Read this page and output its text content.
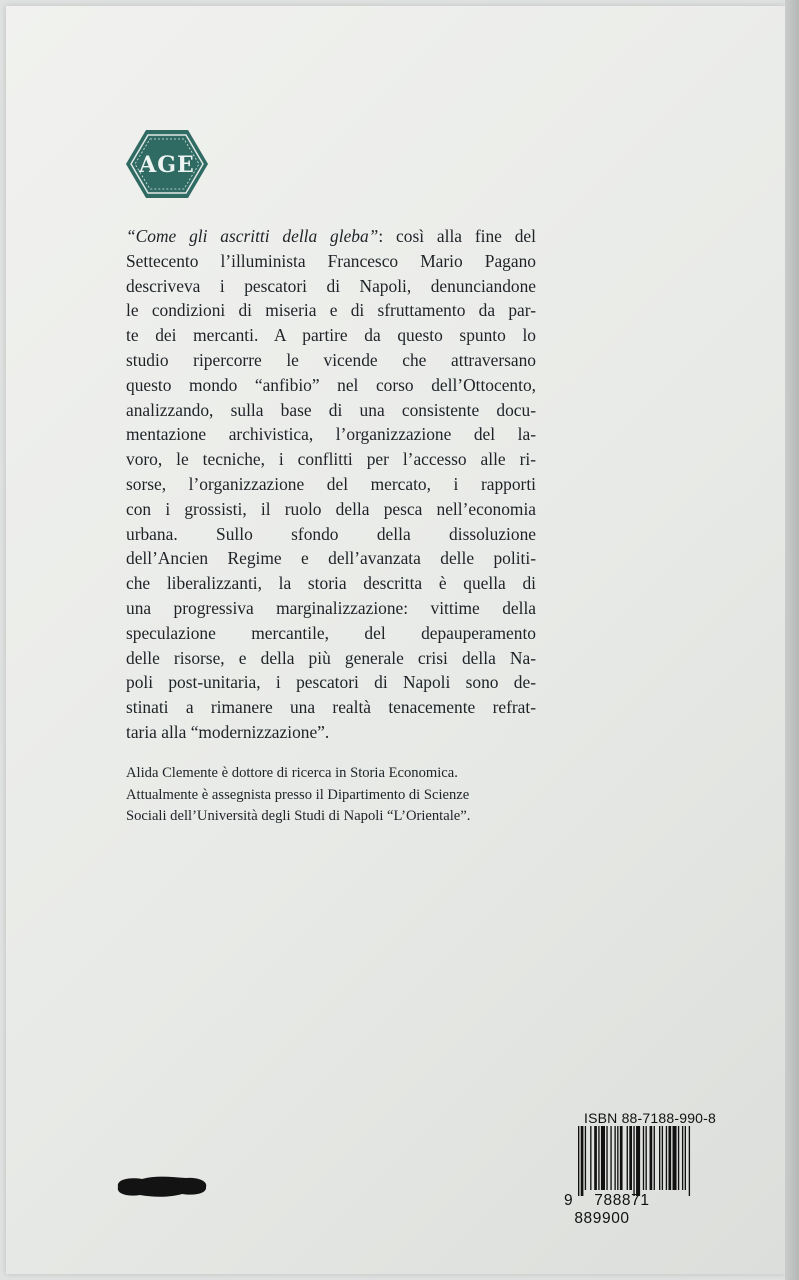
AGE
“Come gli ascritti della gleba”: così alla fine del
Settecento l’illuminista Francesco Mario Pagano
descriveva i pescatori di Napoli, denunciandone
le condizioni di miseria e di sfruttamento da par-
te dei mercanti. A partire da questo spunto lo
studio ripercorre le vicende che attraversano
questo mondo “anfibio” nel corso dell’Ottocento,
analizzando, sulla base di una consistente docu-
mentazione archivistica, l’organizzazione del la-
voro, le tecniche, i conflitti per l’accesso alle ri-
sorse, l’organizzazione del mercato, i rapporti
con i grossisti, il ruolo della pesca nell’economia
urbana. Sullo sfondo della dissoluzione
dell’Ancien Regime e dell’avanzata delle politi-
che liberalizzanti, la storia descritta è quella di
una progressiva marginalizzazione: vittime della
speculazione mercantile, del depauperamento
delle risorse, e della più generale crisi della Na-
poli post-unitaria, i pescatori di Napoli sono de-
stinati a rimanere una realtà tenacemente refrat-
taria alla “modernizzazione”.
Alida Clemente è dottore di ricerca in Storia Economica.
Attualmente è assegnista presso il Dipartimento di Scienze
Sociali dell’Università degli Studi di Napoli “L’Orientale”.
ISBN 88-7188-990-8
9 788871 889900
